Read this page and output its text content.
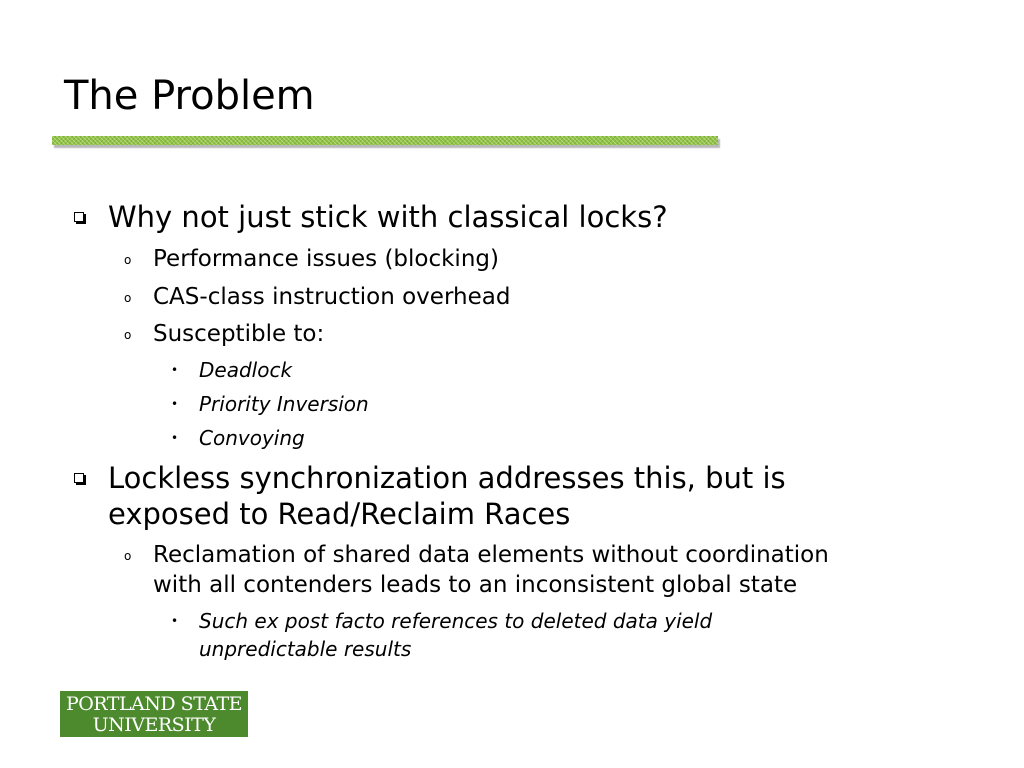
The Problem
Why not just stick with classical locks?
o Performance issues (blocking)
o CAS-class instruction overhead
o Susceptible to:
• Deadlock
• Priority Inversion
• Convoying
Lockless synchronization addresses this, but is
exposed to Read/Reclaim Races
o Reclamation of shared data elements without coordination
with all contenders leads to an inconsistent global state
• Such ex post facto references to deleted data yield
unpredictable results
PORTLAND STATE
UNIVERSITY
